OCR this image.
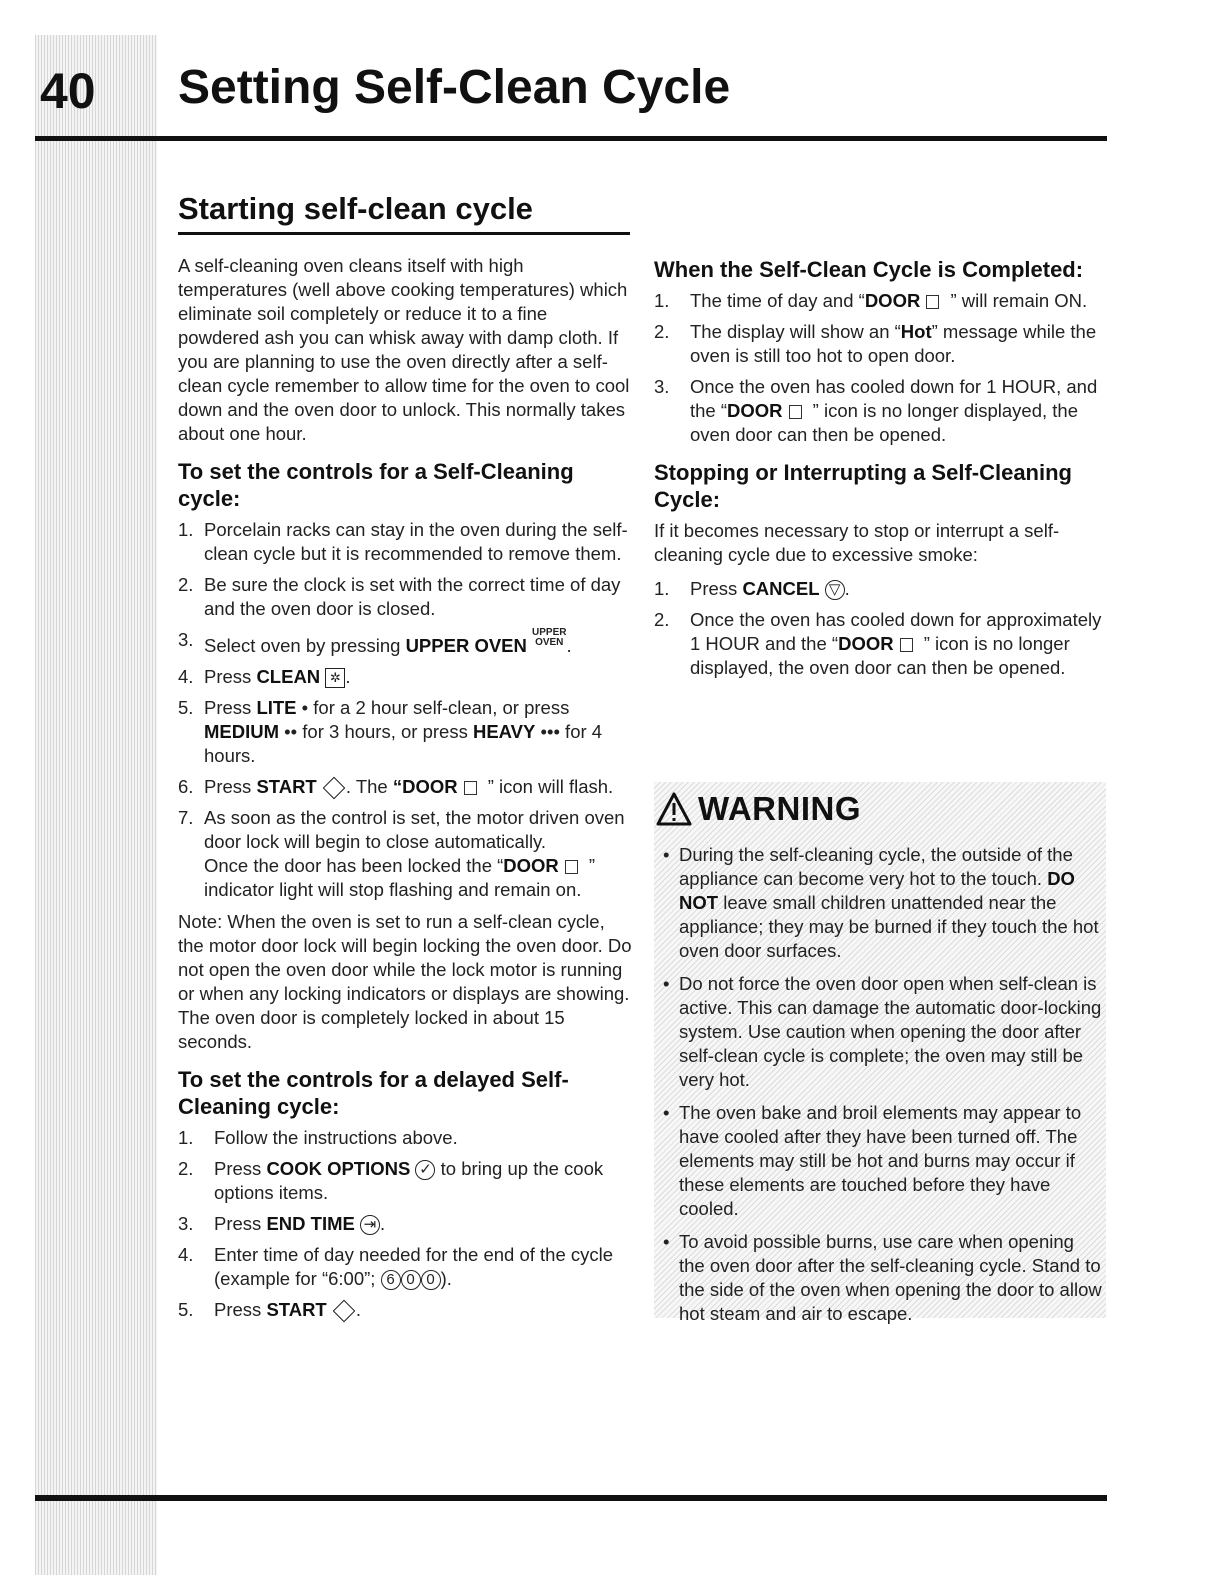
40 Setting Self-Clean Cycle
Starting self-clean cycle

A self-cleaning oven cleans itself with high temperatures (well above cooking temperatures) which eliminate soil completely or reduce it to a fine powdered ash you can whisk away with damp cloth. If you are planning to use the oven directly after a self-clean cycle remember to allow time for the oven to cool down and the oven door to unlock. This normally takes about one hour.

To set the controls for a Self-Cleaning cycle:
1. Porcelain racks can stay in the oven during the self-clean cycle but it is recommended to remove them.
2. Be sure the clock is set with the correct time of day and the oven door is closed.
3. Select oven by pressing UPPER OVEN UPPER
OVEN .
4. Press CLEAN ✲ .
5. Press LITE • for a 2 hour self-clean, or press MEDIUM •• for 3 hours, or press HEAVY ••• for 4 hours.
6. Press START . The “DOOR ” icon will flash.
7. As soon as the control is set, the motor driven oven door lock will begin to close automatically.
Once the door has been locked the “DOOR ” indicator light will stop flashing and remain on.

Note: When the oven is set to run a self-clean cycle, the motor door lock will begin locking the oven door. Do not open the oven door while the lock motor is running or when any locking indicators or displays are showing. The oven door is completely locked in about 15 seconds.

To set the controls for a delayed Self-Cleaning cycle:
1. Follow the instructions above.
2. Press COOK OPTIONS ✓ to bring up the cook options items.
3. Press END TIME ⇥ .
4. Enter time of day needed for the end of the cycle (example for “6:00”; 6 0 0 ).
5. Press START .
When the Self-Clean Cycle is Completed:
1. The time of day and “DOOR ” will remain ON.
2. The display will show an “Hot” message while the oven is still too hot to open door.
3. Once the oven has cooled down for 1 HOUR, and the “DOOR ” icon is no longer displayed, the oven door can then be opened.
Stopping or Interrupting a Self-Cleaning Cycle:

If it becomes necessary to stop or interrupt a self-cleaning cycle due to excessive smoke:

1. Press CANCEL ▽ .
2. Once the oven has cooled down for approximately 1 HOUR and the “DOOR ” icon is no longer displayed, the oven door can then be opened.
WARNING
• During the self-cleaning cycle, the outside of the appliance can become very hot to the touch. DO NOT leave small children unattended near the appliance; they may be burned if they touch the hot oven door surfaces.
• Do not force the oven door open when self-clean is active. This can damage the automatic door-locking system. Use caution when opening the door after self-clean cycle is complete; the oven may still be very hot.
• The oven bake and broil elements may appear to have cooled after they have been turned off. The elements may still be hot and burns may occur if these elements are touched before they have cooled.
• To avoid possible burns, use care when opening the oven door after the self-cleaning cycle. Stand to the side of the oven when opening the door to allow hot steam and air to escape.
